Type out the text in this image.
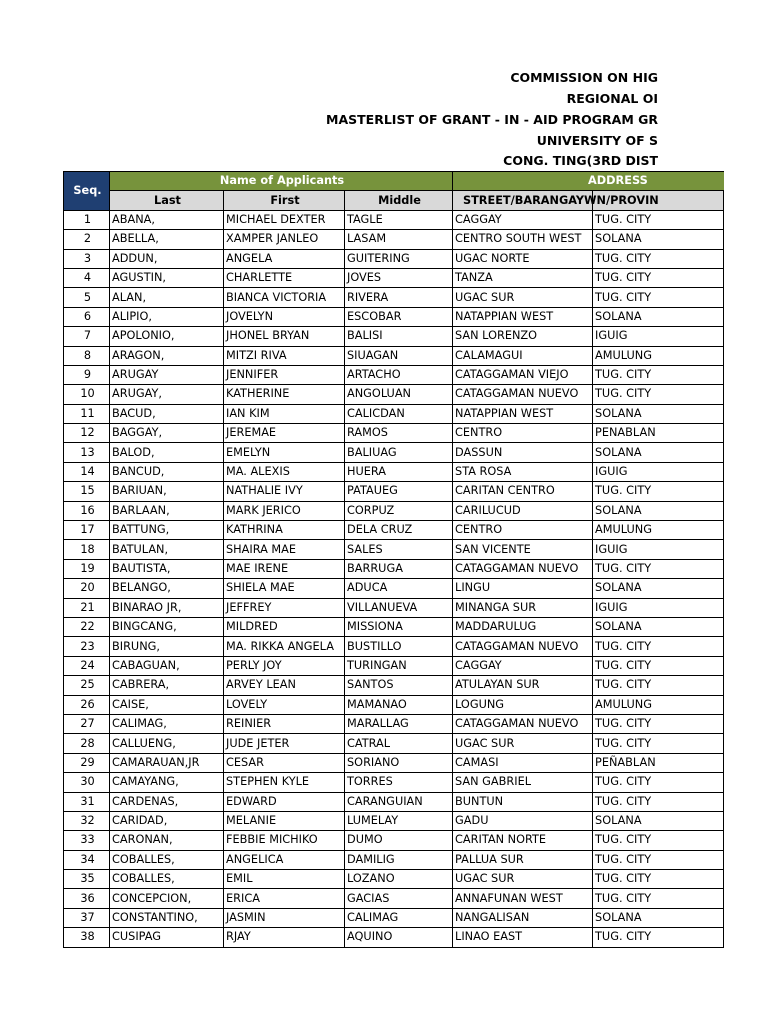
COMMISSION ON HIG
REGIONAL OI
MASTERLIST OF GRANT - IN - AID PROGRAM GR
UNIVERSITY OF S
CONG. TING(3RD DIST
Seq.	Name of Applicants			ADDRESS	
	Last	First	Middle	STREET/BARANGAY	WN/PROVIN
1	ABANA,	MICHAEL DEXTER	TAGLE	CAGGAY	TUG. CITY
2	ABELLA,	XAMPER JANLEO	LASAM	CENTRO SOUTH WEST	SOLANA
3	ADDUN,	ANGELA	GUITERING	UGAC NORTE	TUG. CITY
4	AGUSTIN,	CHARLETTE	JOVES	TANZA	TUG. CITY
5	ALAN,	BIANCA VICTORIA	RIVERA	UGAC SUR	TUG. CITY
6	ALIPIO,	JOVELYN	ESCOBAR	NATAPPIAN WEST	SOLANA
7	APOLONIO,	JHONEL BRYAN	BALISI	SAN LORENZO	IGUIG
8	ARAGON,	MITZI RIVA	SIUAGAN	CALAMAGUI	AMULUNG
9	ARUGAY	JENNIFER	ARTACHO	CATAGGAMAN VIEJO	TUG. CITY
10	ARUGAY,	KATHERINE	ANGOLUAN	CATAGGAMAN NUEVO	TUG. CITY
11	BACUD,	IAN KIM	CALICDAN	NATAPPIAN WEST	SOLANA
12	BAGGAY,	JEREMAE	RAMOS	CENTRO	PENABLAN
13	BALOD,	EMELYN	BALIUAG	DASSUN	SOLANA
14	BANCUD,	MA. ALEXIS	HUERA	STA ROSA	IGUIG
15	BARIUAN,	NATHALIE IVY	PATAUEG	CARITAN CENTRO	TUG. CITY
16	BARLAAN,	MARK JERICO	CORPUZ	CARILUCUD	SOLANA
17	BATTUNG,	KATHRINA	DELA CRUZ	CENTRO	AMULUNG
18	BATULAN,	SHAIRA MAE	SALES	SAN VICENTE	IGUIG
19	BAUTISTA,	MAE IRENE	BARRUGA	CATAGGAMAN NUEVO	TUG. CITY
20	BELANGO,	SHIELA MAE	ADUCA	LINGU	SOLANA
21	BINARAO JR,	JEFFREY	VILLANUEVA	MINANGA SUR	IGUIG
22	BINGCANG,	MILDRED	MISSIONA	MADDARULUG	SOLANA
23	BIRUNG,	MA. RIKKA ANGELA	BUSTILLO	CATAGGAMAN NUEVO	TUG. CITY
24	CABAGUAN,	PERLY JOY	TURINGAN	CAGGAY	TUG. CITY
25	CABRERA,	ARVEY LEAN	SANTOS	ATULAYAN SUR	TUG. CITY
26	CAISE,	LOVELY	MAMANAO	LOGUNG	AMULUNG
27	CALIMAG,	REINIER	MARALLAG	CATAGGAMAN NUEVO	TUG. CITY
28	CALLUENG,	JUDE JETER	CATRAL	UGAC SUR	TUG. CITY
29	CAMARAUAN,JR	CESAR	SORIANO	CAMASI	PEÑABLAN
30	CAMAYANG,	STEPHEN KYLE	TORRES	SAN GABRIEL	TUG. CITY
31	CARDENAS,	EDWARD	CARANGUIAN	BUNTUN	TUG. CITY
32	CARIDAD,	MELANIE	LUMELAY	GADU	SOLANA
33	CARONAN,	FEBBIE MICHIKO	DUMO	CARITAN NORTE	TUG. CITY
34	COBALLES,	ANGELICA	DAMILIG	PALLUA SUR	TUG. CITY
35	COBALLES,	EMIL	LOZANO	UGAC SUR	TUG. CITY
36	CONCEPCION,	ERICA	GACIAS	ANNAFUNAN WEST	TUG. CITY
37	CONSTANTINO,	JASMIN	CALIMAG	NANGALISAN	SOLANA
38	CUSIPAG	RJAY	AQUINO	LINAO EAST	TUG. CITY
